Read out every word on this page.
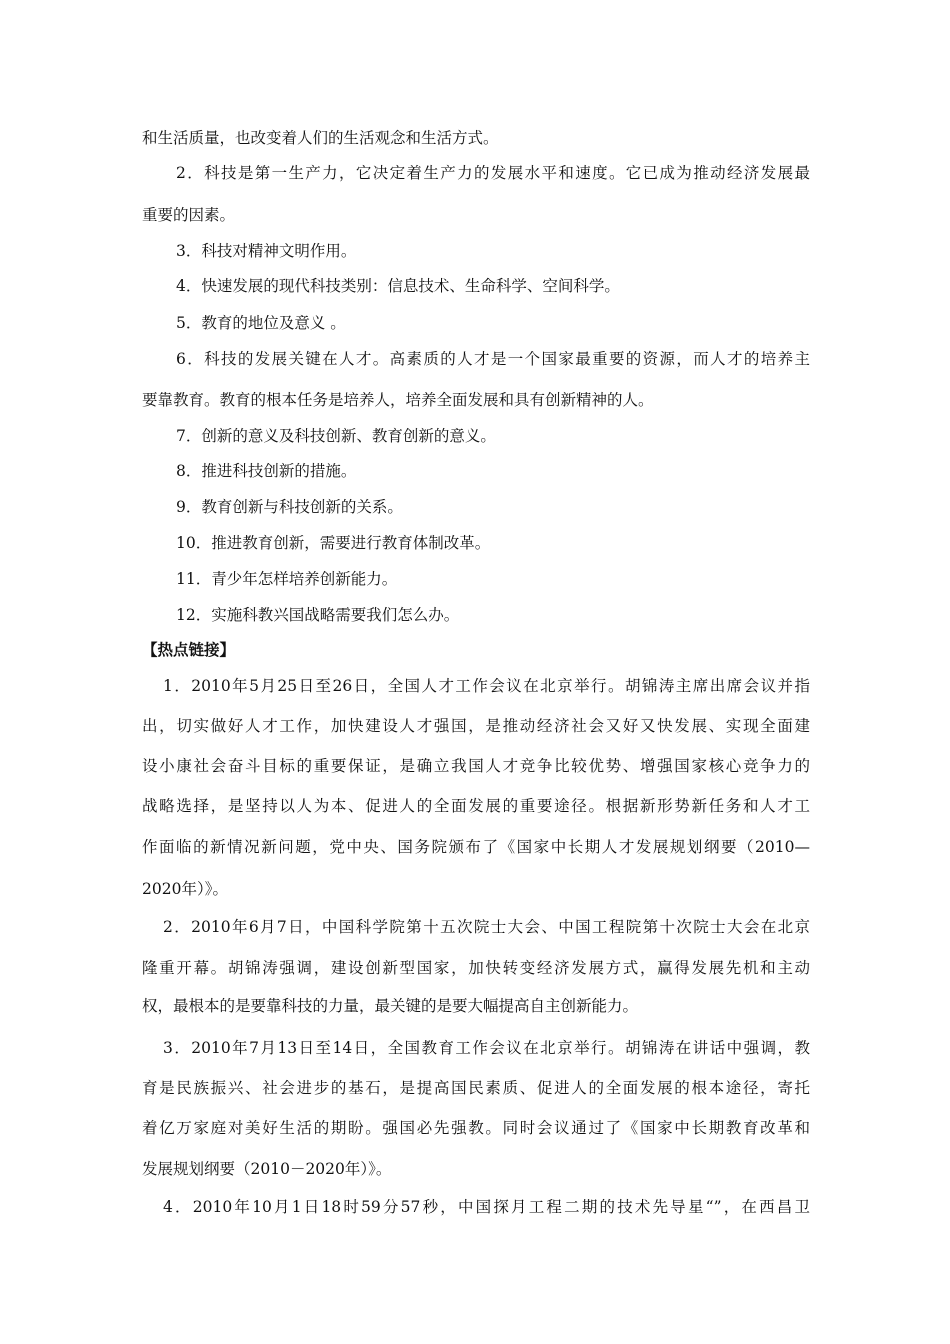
和生活质量，也改变着人们的生活观念和生活方式。
2．科技是第一生产力，它决定着生产力的发展水平和速度。它已成为推动经济发展最
重要的因素。
3．科技对精神文明作用。
4．快速发展的现代科技类别：信息技术、生命科学、空间科学。
5．教育的地位及意义 。
6．科技的发展关键在人才。高素质的人才是一个国家最重要的资源，而人才的培养主
要靠教育。教育的根本任务是培养人，培养全面发展和具有创新精神的人。
7．创新的意义及科技创新、教育创新的意义。
8．推进科技创新的措施。
9．教育创新与科技创新的关系。
10．推进教育创新，需要进行教育体制改革。
11．青少年怎样培养创新能力。
12．实施科教兴国战略需要我们怎么办。
【热点链接】
1．2010年5月25日至26日，全国人才工作会议在北京举行。胡锦涛主席出席会议并指
出，切实做好人才工作，加快建设人才强国，是推动经济社会又好又快发展、实现全面建
设小康社会奋斗目标的重要保证，是确立我国人才竞争比较优势、增强国家核心竞争力的
战略选择，是坚持以人为本、促进人的全面发展的重要途径。根据新形势新任务和人才工
作面临的新情况新问题，党中央、国务院颁布了《国家中长期人才发展规划纲要（2010—
2020年）》。
2．2010年6月7日，中国科学院第十五次院士大会、中国工程院第十次院士大会在北京
隆重开幕。胡锦涛强调，建设创新型国家，加快转变经济发展方式，赢得发展先机和主动
权，最根本的是要靠科技的力量，最关键的是要大幅提高自主创新能力。
3．2010年7月13日至14日，全国教育工作会议在北京举行。胡锦涛在讲话中强调，教
育是民族振兴、社会进步的基石，是提高国民素质、促进人的全面发展的根本途径，寄托
着亿万家庭对美好生活的期盼。强国必先强教。同时会议通过了《国家中长期教育改革和
发展规划纲要（2010－2020年）》。
4．2010年10月1日18时59分57秒，中国探月工程二期的技术先导星“”，在西昌卫
